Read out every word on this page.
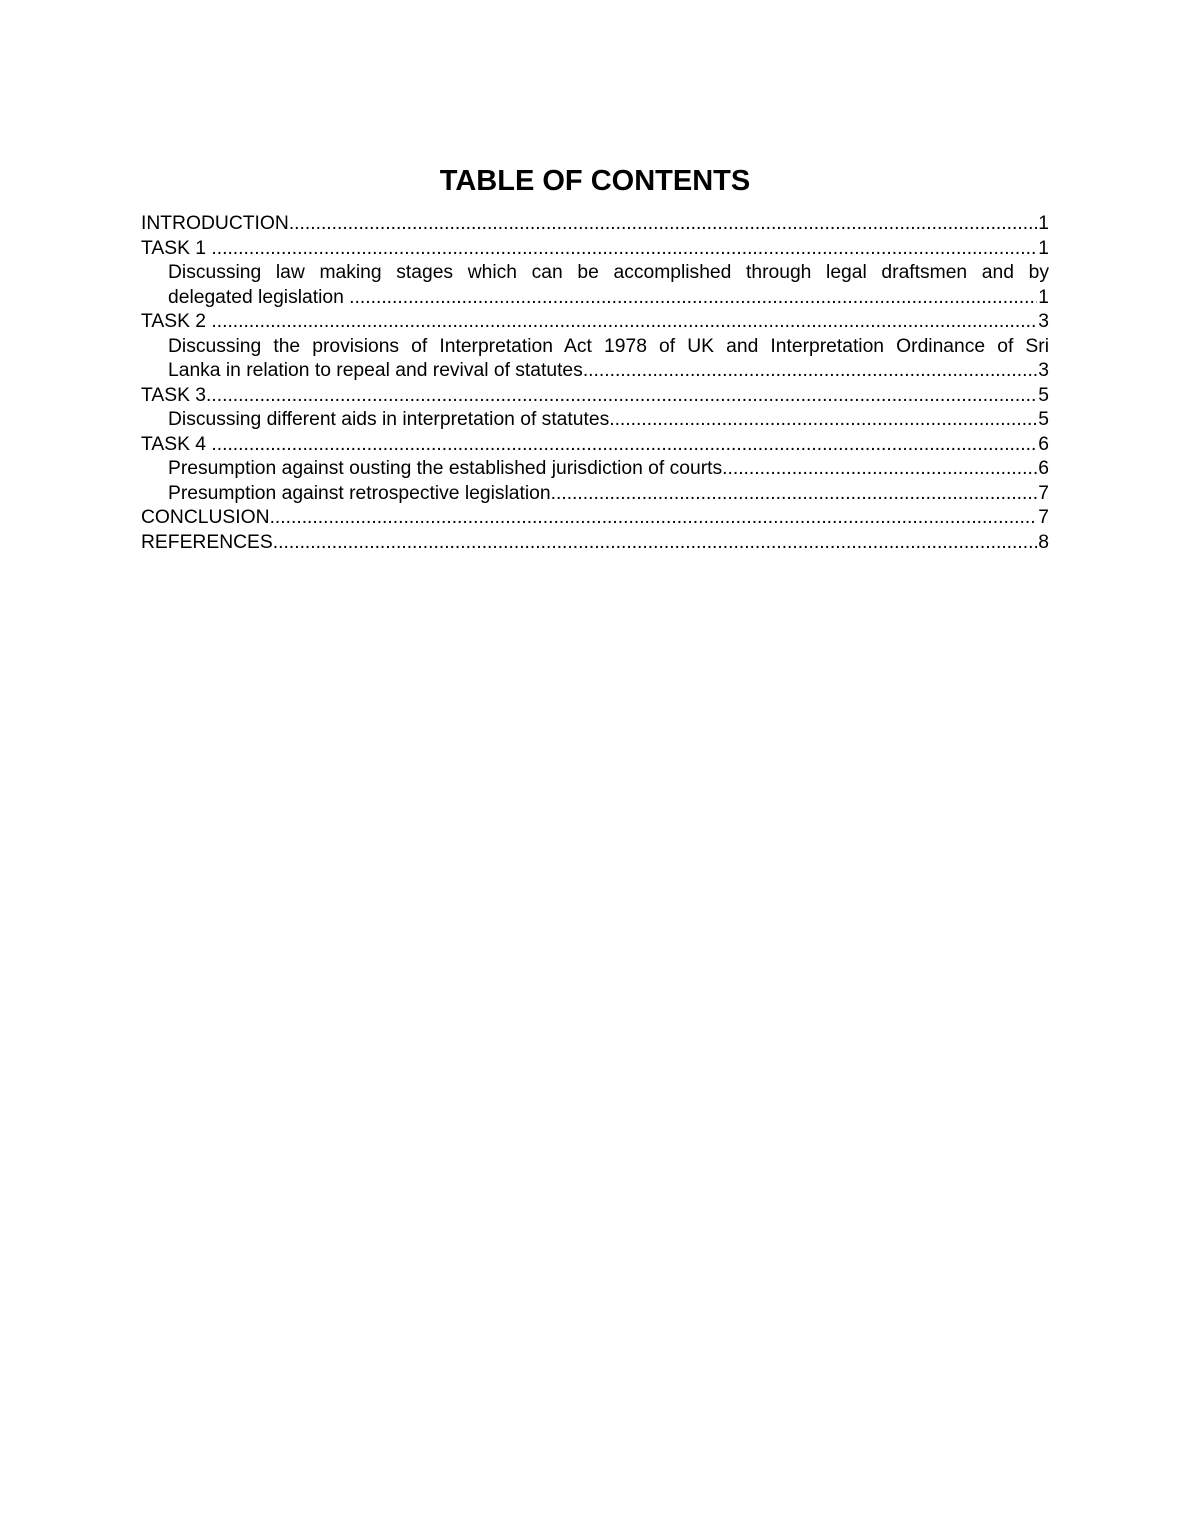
TABLE OF CONTENTS
INTRODUCTION .....	1
TASK 1 .....	1
Discussing law making stages which can be accomplished through legal draftsmen and by
delegated legislation .....	1
TASK 2 .....	3
Discussing the provisions of Interpretation Act 1978 of UK and Interpretation Ordinance of Sri
Lanka in relation to repeal and revival of statutes .....	3
TASK 3 .....	5
Discussing different aids in interpretation of statutes .....	5
TASK 4 .....	6
Presumption against ousting the established jurisdiction of courts .....	6
Presumption against retrospective legislation .....	7
CONCLUSION .....	7
REFERENCES .....	8
